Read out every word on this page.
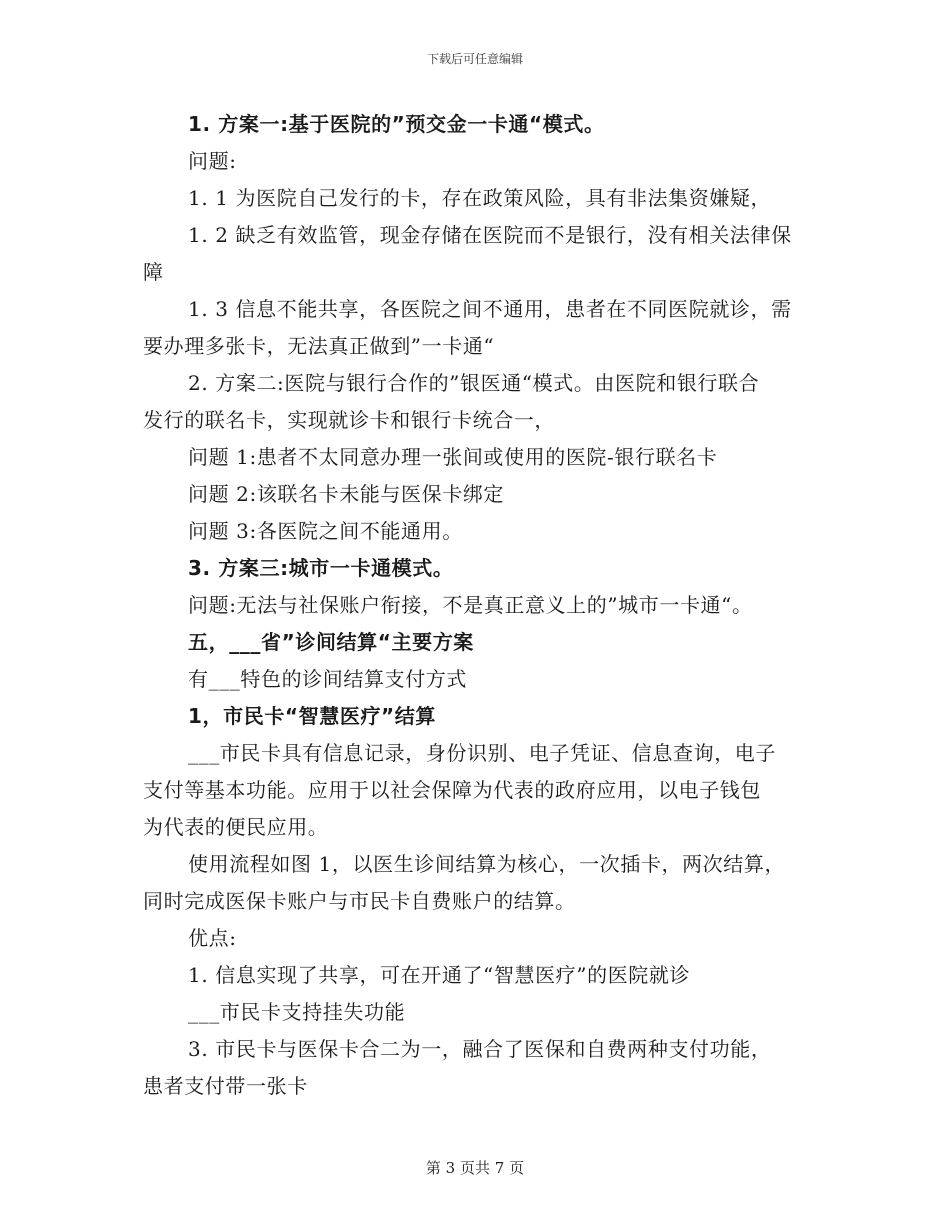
下载后可任意编辑
1. 方案一:基于医院的”预交金一卡通“模式。
问题:
1. 1 为医院自己发行的卡，存在政策风险，具有非法集资嫌疑，
1. 2 缺乏有效监管，现金存储在医院而不是银行，没有相关法律保
障
1. 3 信息不能共享，各医院之间不通用，患者在不同医院就诊，需
要办理多张卡，无法真正做到”一卡通“
2. 方案二:医院与银行合作的”银医通“模式。由医院和银行联合
发行的联名卡，实现就诊卡和银行卡统合一，
问题 1:患者不太同意办理一张间或使用的医院-银行联名卡
问题 2:该联名卡未能与医保卡绑定
问题 3:各医院之间不能通用。
3. 方案三:城市一卡通模式。
问题:无法与社保账户衔接，不是真正意义上的”城市一卡通“。
五，___省”诊间结算“主要方案
有___特色的诊间结算支付方式
1，市民卡“智慧医疗”结算
___市民卡具有信息记录，身份识别、电子凭证、信息查询，电子
支付等基本功能。应用于以社会保障为代表的政府应用，以电子钱包
为代表的便民应用。
使用流程如图 1，以医生诊间结算为核心，一次插卡，两次结算，
同时完成医保卡账户与市民卡自费账户的结算。
优点:
1. 信息实现了共享，可在开通了“智慧医疗”的医院就诊
___市民卡支持挂失功能
3. 市民卡与医保卡合二为一，融合了医保和自费两种支付功能，
患者支付带一张卡
第 3 页共 7 页
